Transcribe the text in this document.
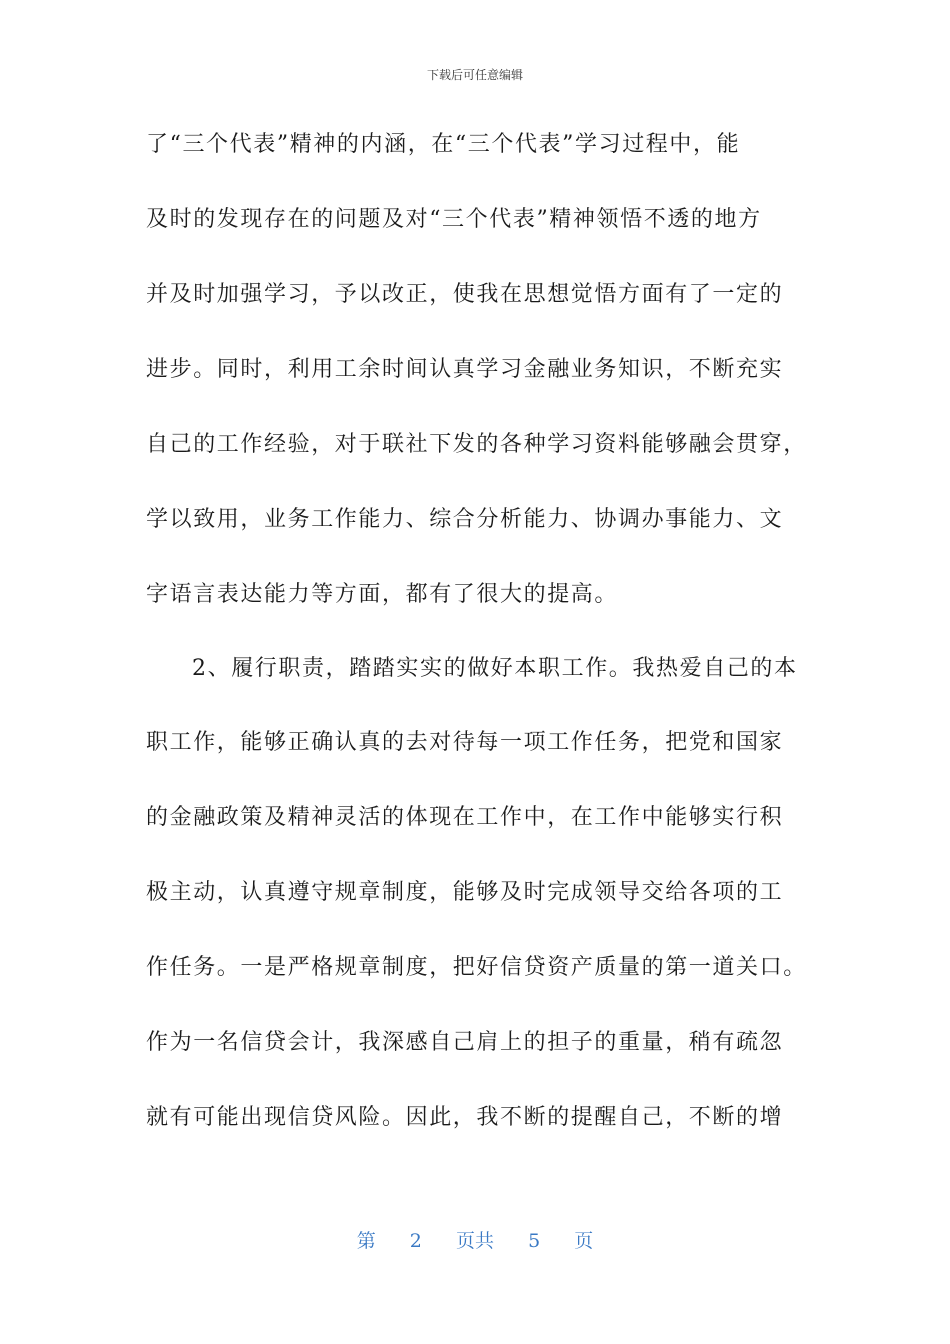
下载后可任意编辑
了“三个代表”精神的内涵，在“三个代表”学习过程中，能
及时的发现存在的问题及对“三个代表”精神领悟不透的地方
并及时加强学习，予以改正，使我在思想觉悟方面有了一定的
进步。同时，利用工余时间认真学习金融业务知识，不断充实
自己的工作经验，对于联社下发的各种学习资料能够融会贯穿，
学以致用，业务工作能力、综合分析能力、协调办事能力、文
字语言表达能力等方面，都有了很大的提高。
2、履行职责，踏踏实实的做好本职工作。我热爱自己的本
职工作，能够正确认真的去对待每一项工作任务，把党和国家
的金融政策及精神灵活的体现在工作中，在工作中能够实行积
极主动，认真遵守规章制度，能够及时完成领导交给各项的工
作任务。一是严格规章制度，把好信贷资产质量的第一道关口。
作为一名信贷会计，我深感自己肩上的担子的重量，稍有疏忽
就有可能出现信贷风险。因此，我不断的提醒自己，不断的增
第 2 页共 5 页
